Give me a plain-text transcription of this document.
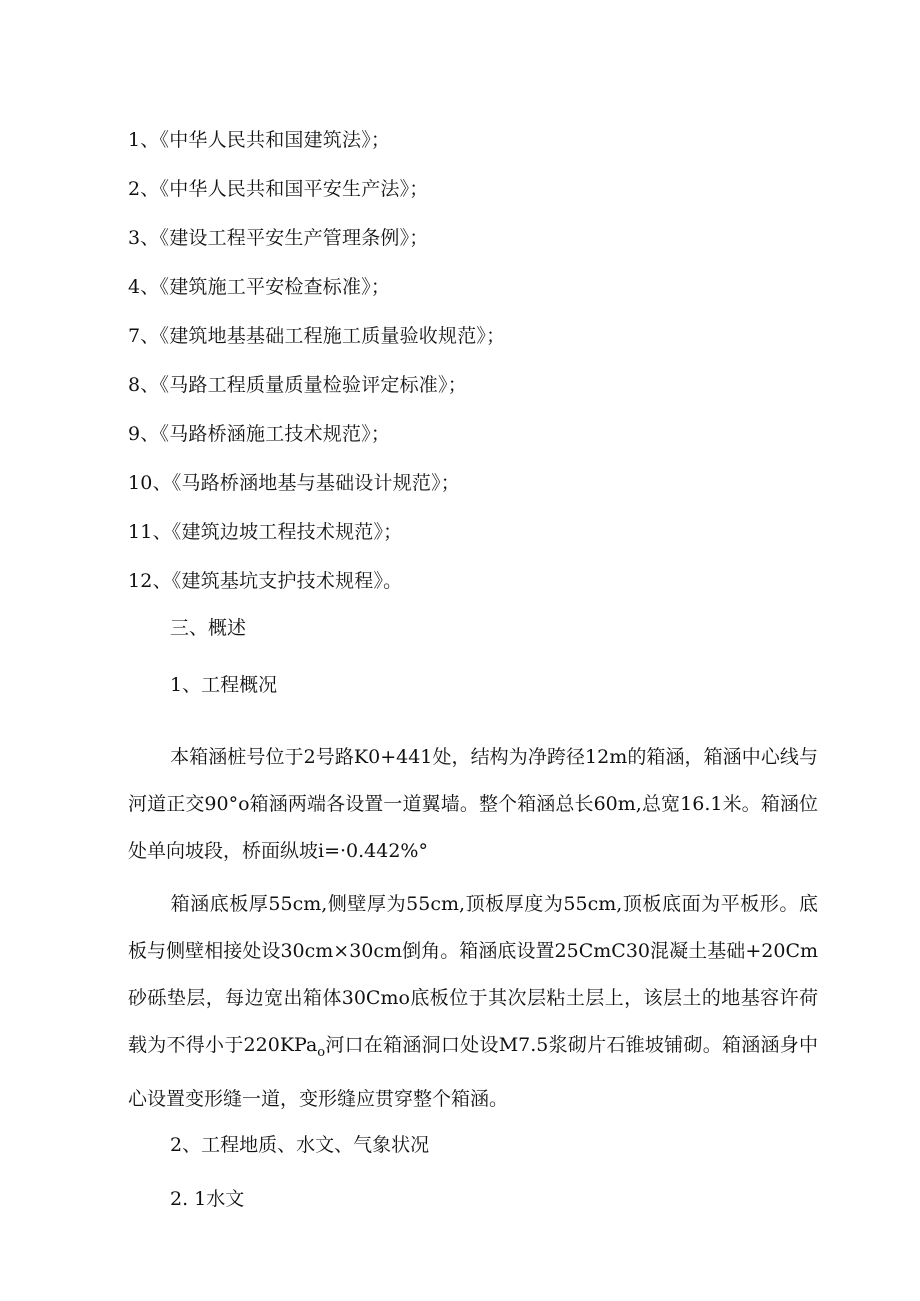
1、《中华人民共和国建筑法》；
2、《中华人民共和国平安生产法》；
3、《建设工程平安生产管理条例》；
4、《建筑施工平安检查标准》；
7、《建筑地基基础工程施工质量验收规范》；
8、《马路工程质量质量检验评定标准》；
9、《马路桥涵施工技术规范》；
10、《马路桥涵地基与基础设计规范》；
11、《建筑边坡工程技术规范》；
12、《建筑基坑支护技术规程》。
三、概述
1、工程概况
本箱涵桩号位于2号路K0+441处，结构为净跨径12m的箱涵，箱涵中心线与河道正交90°o箱涵两端各设置一道翼墙。整个箱涵总长60m,总宽16.1米。箱涵位处单向坡段，桥面纵坡i=·0.442%°
箱涵底板厚55cm,侧壁厚为55cm,顶板厚度为55cm,顶板底面为平板形。底板与侧壁相接处设30cm×30cm倒角。箱涵底设置25CmC30混凝土基础+20Cm砂砾垫层，每边宽出箱体30Cmo底板位于其次层粘土层上，该层土的地基容许荷载为不得小于220KPa$_o$河口在箱涵洞口处设M7.5浆砌片石锥坡铺砌。箱涵涵身中心设置变形缝一道，变形缝应贯穿整个箱涵。
2、工程地质、水文、气象状况
2. 1水文
